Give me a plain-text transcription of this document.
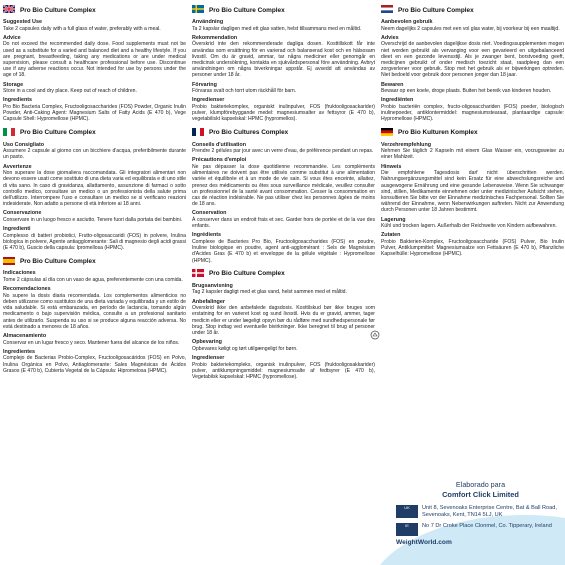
Pro Bio Culture Complex
Suggested Use
Take 2 capsules daily with a full glass of water, preferably with a meal.
Advice
Do not exceed the recommended daily dose. Food supplements must not be used as a substitute for a varied and balanced diet and a healthy lifestyle. If you are pregnant, breastfeeding, taking any medications or are under medical supervision, please consult a healthcare professional before use. Discontinue use if any adverse reactions occur. Not intended for use by persons under the age of 18.
Storage
Store in a cool and dry place. Keep out of reach of children.
Ingredients
Pro Bio Bacteria Complex, Fructooligosaccharides (FOS) Powder, Organic Inulin Powder, Anti-Caking Agent: Magnesium Salts of Fatty Acids (E 470 b), Vege Capsule Shell: Hypromellose (HPMC).
Pro Bio Culture Complex
Uso Consigliato
Assumere 2 capsule al giorno con un bicchiere d'acqua, preferibilmente durante un pasto.
Avvertenze
Non superare la dose giornaliera raccomandata. Gli integratori alimentari non devono essere usati come sostituto di una dieta varia ed equilibrata e di uno stile di vita sano. In caso di gravidanza, allattamento, assunzione di farmaci o sotto controllo medico, consultare un medico o un professionista della salute prima dell'utilizzo. Interrompere l'uso e consultare un medico se si verificano reazioni indesiderate. Non adatto a persone di età inferiore ai 18 anni.
Conservazione
Conservare in un luogo fresco e asciutto. Tenere fuori dalla portata dei bambini.
Ingredienti
Complesso di batteri probiotici, Frutto-oligosaccaridi (FOS) in polvere, Inulina biologica in polvere, Agente antiagglomerante: Sali di magnesio degli acidi grassi (E 470 b), Guscio della capsula: Ipromellosa (HPMC).
Pro Bio Culture Complex
Indicaciones
Tome 2 cápsulas al día con un vaso de agua, preferentemente con una comida.
Recomendaciones
No supere la dosis diaria recomendada. Los complementos alimenticios no deben utilizarse como sustitutos de una dieta variada y equilibrada y un estilo de vida saludable. Si está embarazada, en período de lactancia, tomando algún medicamento o bajo supervisión médica, consulte a un profesional sanitario antes de utilizarlo. Suspenda su uso si se produce alguna reacción adversa. No está destinado a menores de 18 años.
Almacenamiento
Conservar en un lugar fresco y seco. Mantener fuera del alcance de los niños.
Ingredientes
Complejo de Bacterias Probio-Complex, Fructooligosacáridos (FOS) en Polvo, Inulina Orgánica en Polvo, Antiaglomerante: Sales Magnésicas de Ácidos Grasos (E 470 b), Cubierta Vegetal de la Cápsula: Hipromelosa (HPMC).
Pro Bio Culture Complex
Användning
Ta 2 kapslar dagligen med ett glas vatten, helst tillsammans med en måltid.
Rekommendation
Överskrid inte den rekommenderade dagliga dosen. Kosttillskott får inte användas som ersättning för en varierad och balanserad kost och en hälsosam livsstil. Om du är gravid, ammar, tar några mediciner eller genomgår en medicinsk undersökning, kontakta en sjukvårdspersonal före användning. Avbryt användningen om några biverkningar uppstår. Ej avsedd att användas av personer under 18 år.
Förvaring
Förvaras svalt och torrt utom räckhåll för barn.
Ingredienser
Probio bakteriekomplex, organiskt inulinpulver, FOS (fruktooligosackarider) pulver, klumpförebyggande medel: magnesiumsalter av fettsyror (E 470 b), vegetabiliskt kapselskal: HPMC (hypromellos).
Pro Bio Cultures Complex
Conseils d'utilisation
Prendre 2 gélules par jour avec un verre d'eau, de préférence pendant un repas.
Précautions d'emploi
Ne pas dépasser la dose quotidienne recommandée. Les compléments alimentaires ne doivent pas être utilisés comme substitut à une alimentation variée et équilibrée et à un mode de vie sain. Si vous êtes enceinte, allaitez, prenez des médicaments ou êtes sous surveillance médicale, veuillez consulter un professionnel de la santé avant consommation. Cesser la consommation en cas de réaction indésirable. Ne pas utiliser chez les personnes âgées de moins de 18 ans.
Conservation
À conserver dans un endroit frais et sec. Garder hors de portée et de la vue des enfants.
Ingrédients
Complexe de Bacteries Pro Bio, Fructooligosaccharides (FOS) en poudre, Inuline biologique en poudre, agent anti-agglomérant : Sels de Magnésium d'Acides Gras (E 470 b) et enveloppe de la gélule végétale : Hypromellose (HPMC).
Pro Bio Culture Complex
Brugsanvisning
Tag 2 kapsler dagligt med et glas vand, helst sammen med et måltid.
Anbefalinger
Overskrid ikke den anbefalede dagsdosis. Kosttilskud bør ikke bruges som erstatning for en varieret kost og sund livsstil. Hvis du er gravid, ammer, tager medicin eller er under lægeligt opsyn bør du rådføre med sundhedspersonale før brug. Stop indtag ved eventuelle bivirkninger. Ikke beregnet til brug af personer under 18 år.
Opbevaring
Opbevares køligt og tørt utilgængeligt for børn.
Ingredienser
Probio bakteriekompleks, organisk inulinpulver, FOS (fruktooligosakkarider) pulver, antiklumpningsmiddel: magnesiumsalte af fedtsyrer (E 470 b), Vegetabilsk kapselskal: HPMC (hypromellose).
Pro Bio Culture Complex
Aanbevolen gebruik
Neem dagelijks 2 capsules met een vol glas water, bij voorkeur bij een maaltijd.
Advies
Overschrijd de aanbevolen dagelijkse dosis niet. Voedingssupplementen mogen niet worden gebruikt als vervanging voor een gevarieerd en uitgebalanceerd dieet en een gezonde levensstijl. Als je zwanger bent, borstvoeding geeft, medicijnen gebruikt of onder medisch toezicht staat, raadpleeg dan een zorgverlener voor gebruik. Stop met het gebruik als er bijwerkingen optreden. Niet bedoeld voor gebruik door personen jonger dan 18 jaar.
Bewaren
Bewaar op een koele, droge plaats. Buiten het bereik van kinderen houden.
Ingrediënten
Probio bacteriën complex, fructo-oligosacchariden (FOS) poeder, biologisch inulinepoeder, antiklontermiddel: magnesiumstearaat, plantaardige capsule: Hypromellose (HPMC).
Pro Bio Kulturen Komplex
Verzehrempfehlung
Nehmen Sie täglich 2 Kapseln mit einem Glas Wasser ein, vorzugsweise zu einer Mahlzeit.
Hinweis
Die empfohlene Tagesdosis darf nicht überschritten werden. Nahrungsergänzungsmittel sind kein Ersatz für eine abwechslungsreiche und ausgewogene Ernährung und eine gesunde Lebensweise. Wenn Sie schwanger sind, stillen, Medikamente einnehmen oder unter medizinischer Aufsicht stehen, konsultieren Sie bitte vor der Einnahme medizinisches Fachpersonal. Sollten Sie während der Einnahme, wenn Nebenwirkungen auftreten. Nicht zur Anwendung durch Personen unter 18 Jahren bestimmt.
Lagerung
Kühl und trocken lagern. Außerhalb der Reichweite von Kindern aufbewahren.
Zutaten
Probio Bakterien-Komplex, Fructooligosaccharide (FOS) Pulver, Bio Inulin Pulver, Antiklumpmittel: Magnesiumsalze von Fettsäuren (E 470 b), Pflanzliche Kapselhülle: Hypromellose (HPMC).
Elaborado para
Comfort Click Limited
UK	Unit 8, Sevenoaks Enterprise Centre, Bat & Ball Road, Sevenoaks, Kent, TN14 5LJ, UK
IE	No 7 Dr Croke Place Clonmel, Co. Tipperary, Ireland
WeightWorld.com
